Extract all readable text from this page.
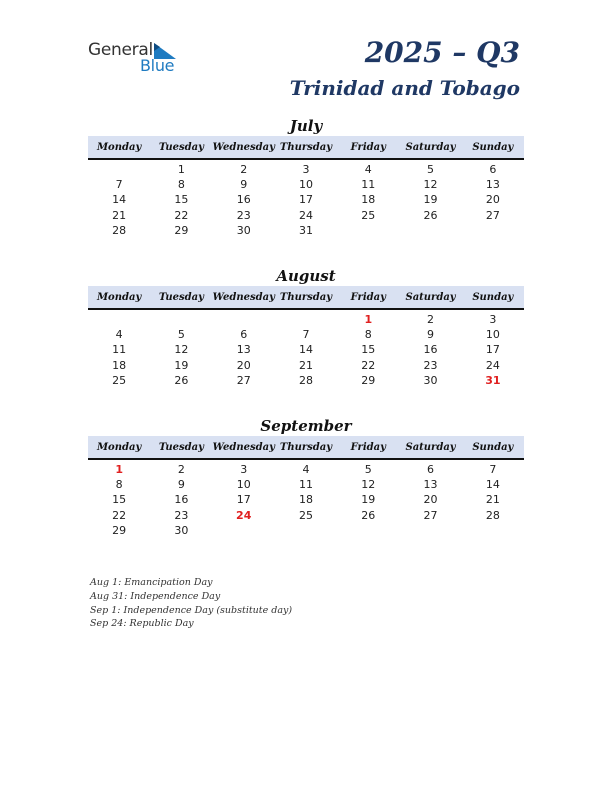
General
Blue	2025 – Q3
Trinidad and Tobago
July
Monday	Tuesday	Wednesday	Thursday	Friday	Saturday	Sunday
	1	2	3	4	5	6
7	8	9	10	11	12	13
14	15	16	17	18	19	20
21	22	23	24	25	26	27
28	29	30	31			
August
Monday	Tuesday	Wednesday	Thursday	Friday	Saturday	Sunday
				1	2	3
4	5	6	7	8	9	10
11	12	13	14	15	16	17
18	19	20	21	22	23	24
25	26	27	28	29	30	31
September
Monday	Tuesday	Wednesday	Thursday	Friday	Saturday	Sunday
1	2	3	4	5	6	7
8	9	10	11	12	13	14
15	16	17	18	19	20	21
22	23	24	25	26	27	28
29	30					
Aug 1: Emancipation Day
Aug 31: Independence Day
Sep 1: Independence Day (substitute day)
Sep 24: Republic Day
